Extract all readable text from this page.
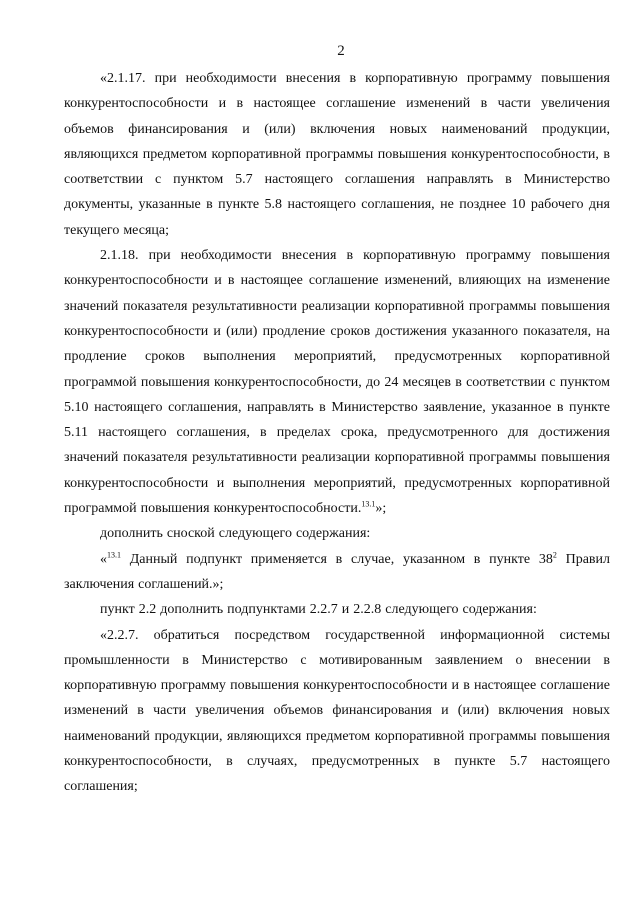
2

«2.1.17. при необходимости внесения в корпоративную программу повышения конкурентоспособности и в настоящее соглашение изменений в части увеличения объемов финансирования и (или) включения новых наименований продукции, являющихся предметом корпоративной программы повышения конкурентоспособности, в соответствии с пунктом 5.7 настоящего соглашения направлять в Министерство документы, указанные в пункте 5.8 настоящего соглашения, не позднее 10 рабочего дня текущего месяца;

2.1.18. при необходимости внесения в корпоративную программу повышения конкурентоспособности и в настоящее соглашение изменений, влияющих на изменение значений показателя результативности реализации корпоративной программы повышения конкурентоспособности и (или) продление сроков достижения указанного показателя, на продление сроков выполнения мероприятий, предусмотренных корпоративной программой повышения конкурентоспособности, до 24 месяцев в соответствии с пунктом 5.10 настоящего соглашения, направлять в Министерство заявление, указанное в пункте 5.11 настоящего соглашения, в пределах срока, предусмотренного для достижения значений показателя результативности реализации корпоративной программы повышения конкурентоспособности и выполнения мероприятий, предусмотренных корпоративной программой повышения конкурентоспособности.$^{13.1}$»;

дополнить сноской следующего содержания:

«$^{13.1}$ Данный подпункт применяется в случае, указанном в пункте $38^2$ Правил заключения соглашений.»;

пункт 2.2 дополнить подпунктами 2.2.7 и 2.2.8 следующего содержания:

«2.2.7. обратиться посредством государственной информационной системы промышленности в Министерство с мотивированным заявлением о внесении в корпоративную программу повышения конкурентоспособности и в настоящее соглашение изменений в части увеличения объемов финансирования и (или) включения новых наименований продукции, являющихся предметом корпоративной программы повышения конкурентоспособности, в случаях, предусмотренных в пункте 5.7 настоящего соглашения;
